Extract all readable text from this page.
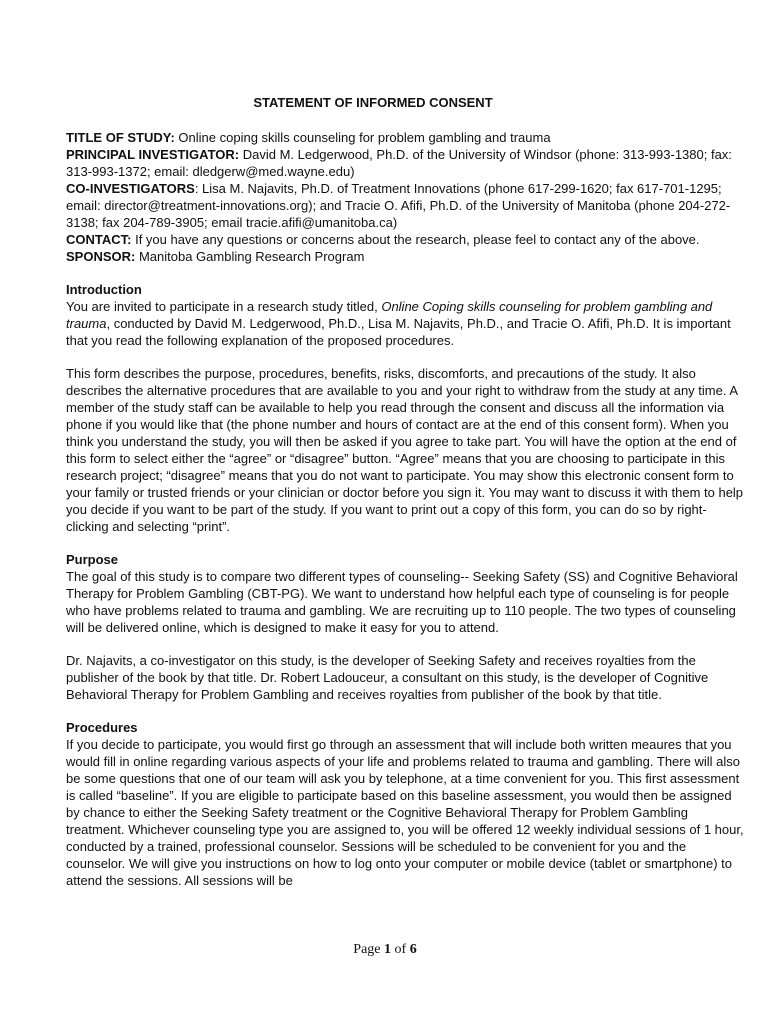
STATEMENT OF INFORMED CONSENT
TITLE OF STUDY: Online coping skills counseling for problem gambling and trauma
PRINCIPAL INVESTIGATOR: David M. Ledgerwood, Ph.D. of the University of Windsor (phone: 313-993-1380; fax: 313-993-1372; email: dledgerw@med.wayne.edu)
CO-INVESTIGATORS: Lisa M. Najavits, Ph.D. of Treatment Innovations (phone 617-299-1620; fax 617-701-1295; email: director@treatment-innovations.org); and Tracie O. Afifi, Ph.D. of the University of Manitoba (phone 204-272-3138; fax 204-789-3905; email tracie.afifi@umanitoba.ca)
CONTACT: If you have any questions or concerns about the research, please feel to contact any of the above.
SPONSOR: Manitoba Gambling Research Program
Introduction

You are invited to participate in a research study titled, Online Coping skills counseling for problem gambling and trauma, conducted by David M. Ledgerwood, Ph.D., Lisa M. Najavits, Ph.D., and Tracie O. Afifi, Ph.D. It is important that you read the following explanation of the proposed procedures.

This form describes the purpose, procedures, benefits, risks, discomforts, and precautions of the study. It also describes the alternative procedures that are available to you and your right to withdraw from the study at any time. A member of the study staff can be available to help you read through the consent and discuss all the information via phone if you would like that (the phone number and hours of contact are at the end of this consent form). When you think you understand the study, you will then be asked if you agree to take part. You will have the option at the end of this form to select either the “agree” or “disagree” button. “Agree” means that you are choosing to participate in this research project; “disagree” means that you do not want to participate. You may show this electronic consent form to your family or trusted friends or your clinician or doctor before you sign it. You may want to discuss it with them to help you decide if you want to be part of the study. If you want to print out a copy of this form, you can do so by right-clicking and selecting “print”.

Purpose

The goal of this study is to compare two different types of counseling-- Seeking Safety (SS) and Cognitive Behavioral Therapy for Problem Gambling (CBT-PG). We want to understand how helpful each type of counseling is for people who have problems related to trauma and gambling. We are recruiting up to 110 people. The two types of counseling will be delivered online, which is designed to make it easy for you to attend.

Dr. Najavits, a co-investigator on this study, is the developer of Seeking Safety and receives royalties from the publisher of the book by that title. Dr. Robert Ladouceur, a consultant on this study, is the developer of Cognitive Behavioral Therapy for Problem Gambling and receives royalties from publisher of the book by that title.

Procedures

If you decide to participate, you would first go through an assessment that will include both written meaures that you would fill in online regarding various aspects of your life and problems related to trauma and gambling. There will also be some questions that one of our team will ask you by telephone, at a time convenient for you. This first assessment is called “baseline”. If you are eligible to participate based on this baseline assessment, you would then be assigned by chance to either the Seeking Safety treatment or the Cognitive Behavioral Therapy for Problem Gambling treatment. Whichever counseling type you are assigned to, you will be offered 12 weekly individual sessions of 1 hour, conducted by a trained, professional counselor. Sessions will be scheduled to be convenient for you and the counselor. We will give you instructions on how to log onto your computer or mobile device (tablet or smartphone) to attend the sessions. All sessions will be

Page 1 of 6
